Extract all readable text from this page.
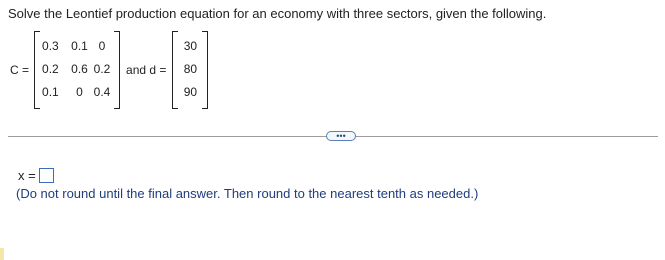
Solve the Leontief production equation for an economy with three sectors, given the following.
C =
0.3	0.1 0
0.2	0.6 0.2
0.1	0 0.4
and d =
30
80
90
•••
x =
(Do not round until the final answer. Then round to the nearest tenth as needed.)
